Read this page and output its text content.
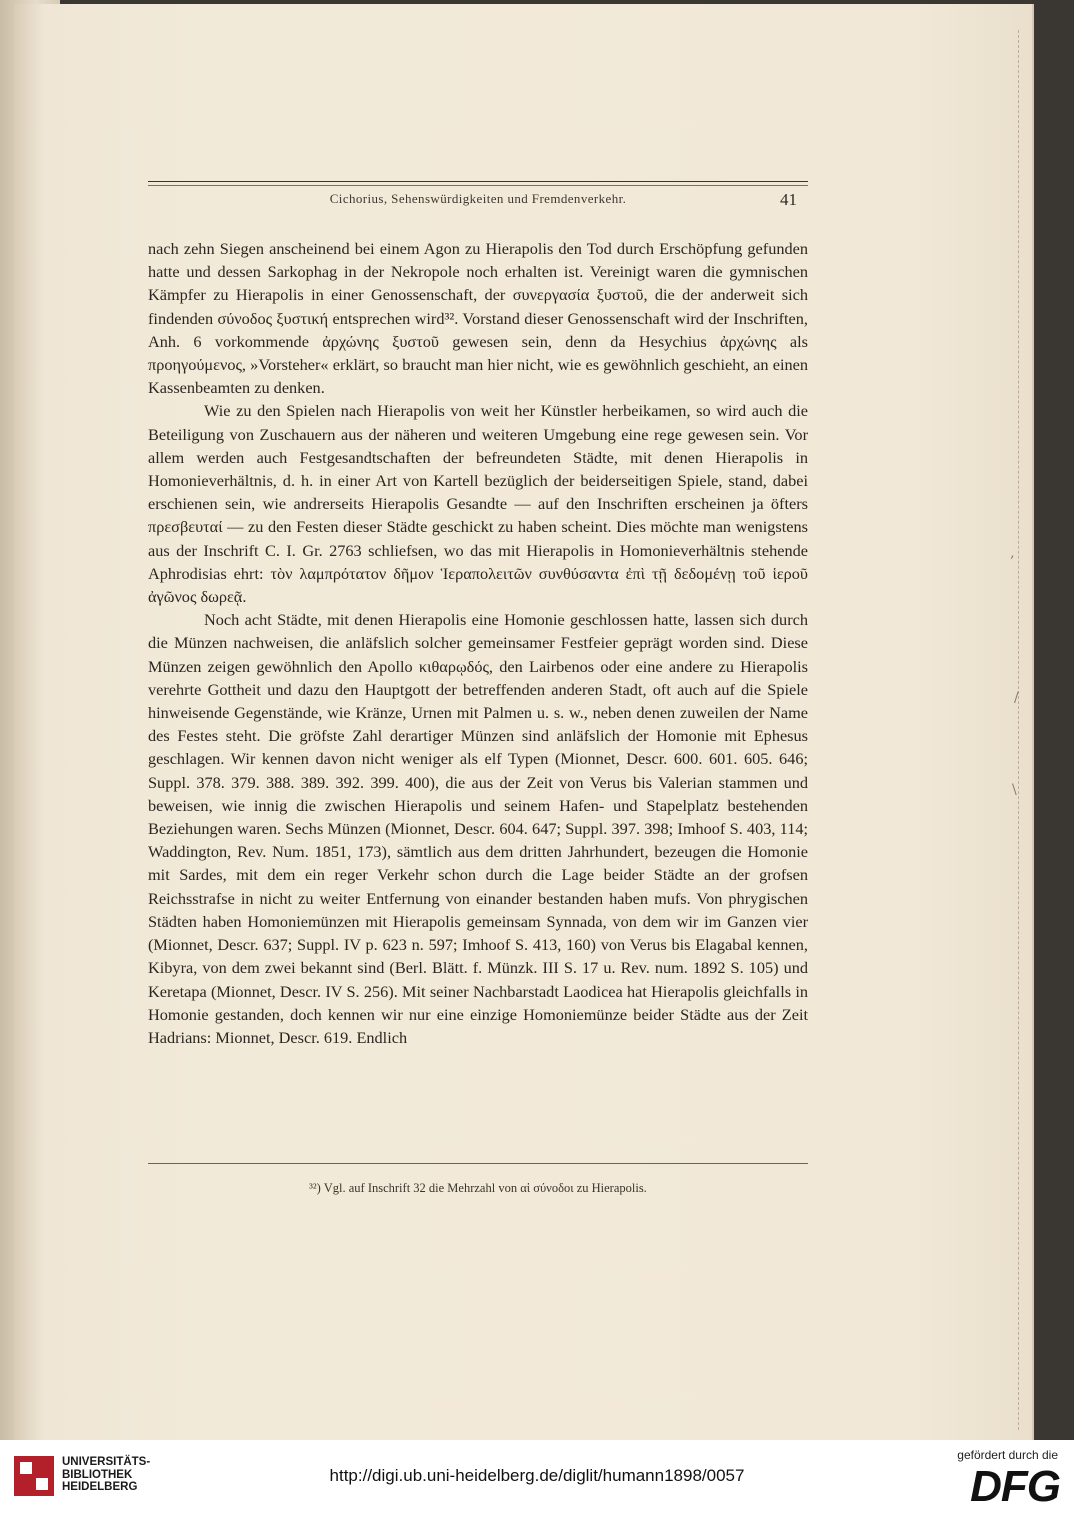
Cichorius, Sehenswürdigkeiten und Fremdenverkehr.	41

nach zehn Siegen anscheinend bei einem Agon zu Hierapolis den Tod durch Erschöpfung gefunden hatte und dessen Sarkophag in der Nekropole noch erhalten ist. Vereinigt waren die gymnischen Kämpfer zu Hierapolis in einer Genossenschaft, der συνεργασία ξυστοῦ, die der anderweit sich findenden σύνοδος ξυστική entsprechen wird³². Vorstand dieser Genossenschaft wird der Inschriften, Anh. 6 vorkommende ἀρχώνης ξυστοῦ gewesen sein, denn da Hesychius ἀρχώνης als προηγούμενος, »Vorsteher« erklärt, so braucht man hier nicht, wie es gewöhnlich geschieht, an einen Kassenbeamten zu denken.

Wie zu den Spielen nach Hierapolis von weit her Künstler herbeikamen, so wird auch die Beteiligung von Zuschauern aus der näheren und weiteren Umgebung eine rege gewesen sein. Vor allem werden auch Festgesandtschaften der befreundeten Städte, mit denen Hierapolis in Homonieverhältnis, d. h. in einer Art von Kartell bezüglich der beiderseitigen Spiele, stand, dabei erschienen sein, wie andrerseits Hierapolis Gesandte — auf den Inschriften erscheinen ja öfters πρεσβευταί — zu den Festen dieser Städte geschickt zu haben scheint. Dies möchte man wenigstens aus der Inschrift C. I. Gr. 2763 schliefsen, wo das mit Hierapolis in Homonieverhältnis stehende Aphrodisias ehrt: τὸν λαμπρότατον δῆμον Ἱεραπολειτῶν συνθύσαντα ἐπὶ τῇ δεδομένῃ τοῦ ἱεροῦ ἀγῶνος δωρεᾷ.

Noch acht Städte, mit denen Hierapolis eine Homonie geschlossen hatte, lassen sich durch die Münzen nachweisen, die anläfslich solcher gemeinsamer Festfeier geprägt worden sind. Diese Münzen zeigen gewöhnlich den Apollo κιθαρῳδός, den Lairbenos oder eine andere zu Hierapolis verehrte Gottheit und dazu den Hauptgott der betreffenden anderen Stadt, oft auch auf die Spiele hinweisende Gegenstände, wie Kränze, Urnen mit Palmen u. s. w., neben denen zuweilen der Name des Festes steht. Die gröfste Zahl derartiger Münzen sind anläfslich der Homonie mit Ephesus geschlagen. Wir kennen davon nicht weniger als elf Typen (Mionnet, Descr. 600. 601. 605. 646; Suppl. 378. 379. 388. 389. 392. 399. 400), die aus der Zeit von Verus bis Valerian stammen und beweisen, wie innig die zwischen Hierapolis und seinem Hafen- und Stapelplatz bestehenden Beziehungen waren. Sechs Münzen (Mionnet, Descr. 604. 647; Suppl. 397. 398; Imhoof S. 403, 114; Waddington, Rev. Num. 1851, 173), sämtlich aus dem dritten Jahrhundert, bezeugen die Homonie mit Sardes, mit dem ein reger Verkehr schon durch die Lage beider Städte an der grofsen Reichsstrafse in nicht zu weiter Entfernung von einander bestanden haben mufs. Von phrygischen Städten haben Homoniemünzen mit Hierapolis gemeinsam Synnada, von dem wir im Ganzen vier (Mionnet, Descr. 637; Suppl. IV p. 623 n. 597; Imhoof S. 413, 160) von Verus bis Elagabal kennen, Kibyra, von dem zwei bekannt sind (Berl. Blätt. f. Münzk. III S. 17 u. Rev. num. 1892 S. 105) und Keretapa (Mionnet, Descr. IV S. 256). Mit seiner Nachbarstadt Laodicea hat Hierapolis gleichfalls in Homonie gestanden, doch kennen wir nur eine einzige Homoniemünze beider Städte aus der Zeit Hadrians: Mionnet, Descr. 619. Endlich

³²) Vgl. auf Inschrift 32 die Mehrzahl von αἱ σύνοδοι zu Hierapolis.
‚
/
\
UNIVERSITÄTS-
BIBLIOTHEK
HEIDELBERG
http://digi.ub.uni-heidelberg.de/diglit/humann1898/0057
gefördert durch die
DFG
